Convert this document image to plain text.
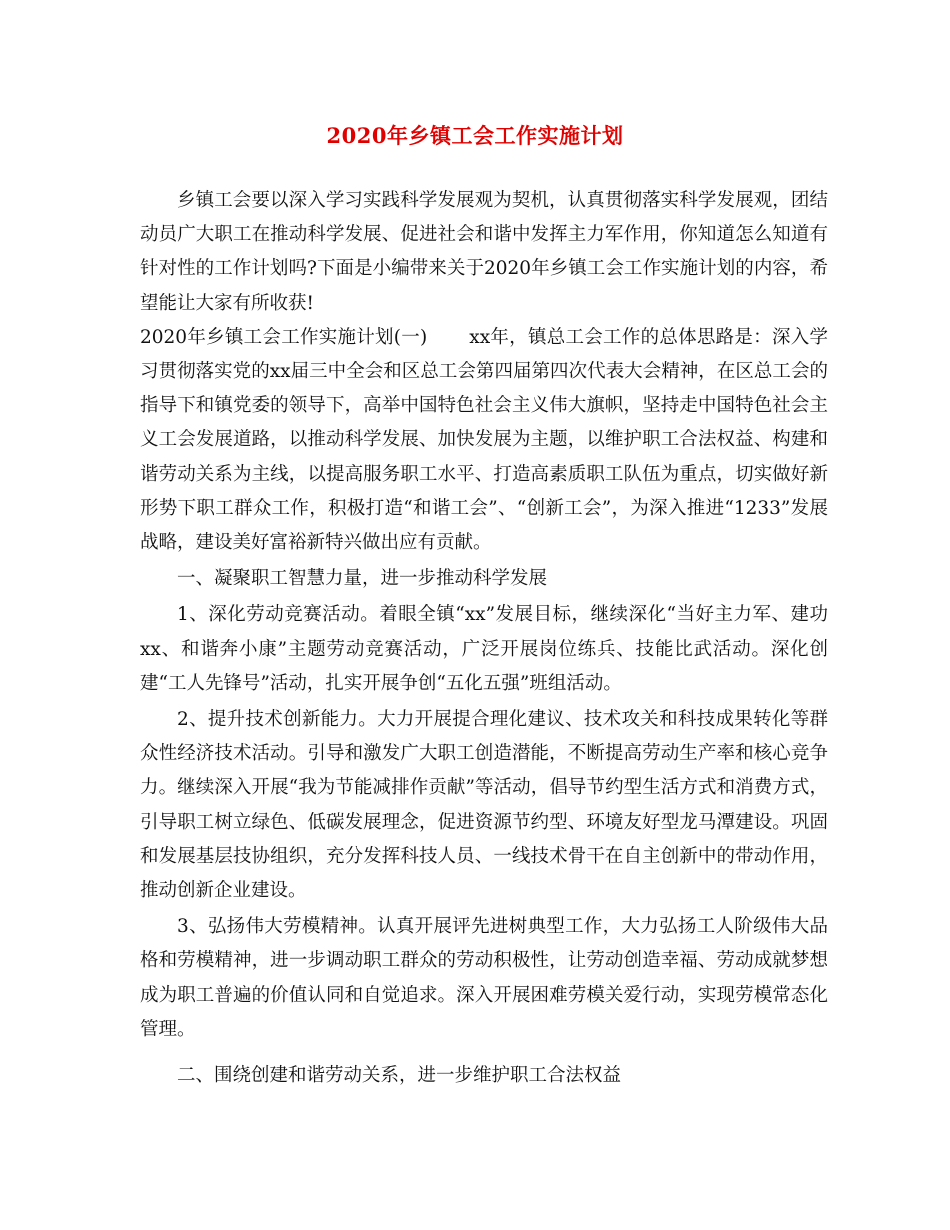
2020年乡镇工会工作实施计划

乡镇工会要以深入学习实践科学发展观为契机，认真贯彻落实科学发展观，团结动员广大职工在推动科学发展、促进社会和谐中发挥主力军作用，你知道怎么知道有针对性的工作计划吗?下面是小编带来关于2020年乡镇工会工作实施计划的内容，希望能让大家有所收获!

2020年乡镇工会工作实施计划(一) xx年，镇总工会工作的总体思路是：深入学习贯彻落实党的xx届三中全会和区总工会第四届第四次代表大会精神，在区总工会的指导下和镇党委的领导下，高举中国特色社会主义伟大旗帜，坚持走中国特色社会主义工会发展道路，以推动科学发展、加快发展为主题，以维护职工合法权益、构建和谐劳动关系为主线，以提高服务职工水平、打造高素质职工队伍为重点，切实做好新形势下职工群众工作，积极打造“和谐工会”、“创新工会”，为深入推进“1233”发展战略，建设美好富裕新特兴做出应有贡献。

一、凝聚职工智慧力量，进一步推动科学发展

1、深化劳动竞赛活动。着眼全镇“xx”发展目标，继续深化“当好主力军、建功xx、和谐奔小康”主题劳动竞赛活动，广泛开展岗位练兵、技能比武活动。深化创建“工人先锋号”活动，扎实开展争创“五化五强”班组活动。

2、提升技术创新能力。大力开展提合理化建议、技术攻关和科技成果转化等群众性经济技术活动。引导和激发广大职工创造潜能，不断提高劳动生产率和核心竞争力。继续深入开展“我为节能减排作贡献”等活动，倡导节约型生活方式和消费方式，引导职工树立绿色、低碳发展理念，促进资源节约型、环境友好型龙马潭建设。巩固和发展基层技协组织，充分发挥科技人员、一线技术骨干在自主创新中的带动作用，推动创新企业建设。

3、弘扬伟大劳模精神。认真开展评先进树典型工作，大力弘扬工人阶级伟大品格和劳模精神，进一步调动职工群众的劳动积极性，让劳动创造幸福、劳动成就梦想成为职工普遍的价值认同和自觉追求。深入开展困难劳模关爱行动，实现劳模常态化管理。

二、围绕创建和谐劳动关系，进一步维护职工合法权益
